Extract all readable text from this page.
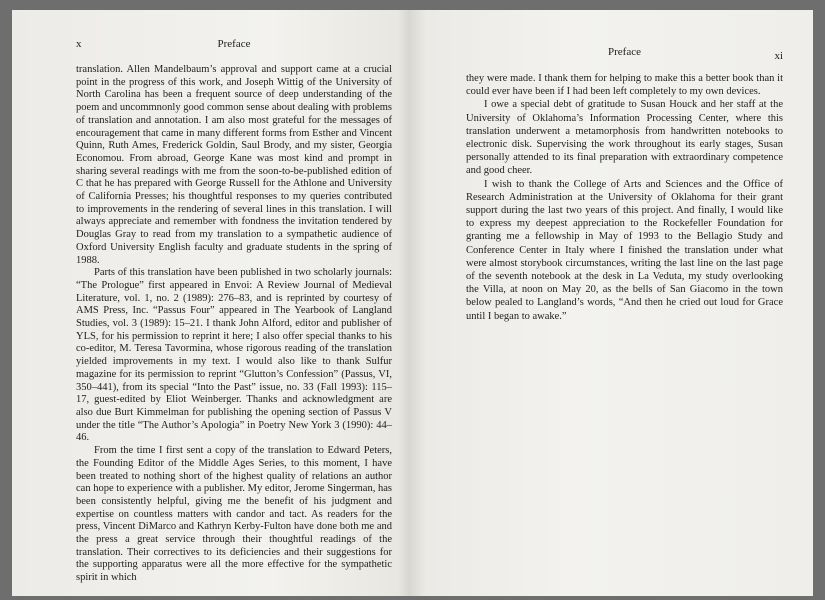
x	Preface

translation. Allen Mandelbaum’s approval and support came at a crucial point in the progress of this work, and Joseph Wittig of the University of North Carolina has been a frequent source of deep understanding of the poem and uncommnonly good common sense about dealing with problems of translation and annotation. I am also most grateful for the messages of encouragement that came in many different forms from Esther and Vincent Quinn, Ruth Ames, Frederick Goldin, Saul Brody, and my sister, Georgia Economou. From abroad, George Kane was most kind and prompt in sharing several readings with me from the soon-to-be-published edition of C that he has prepared with George Russell for the Athlone and University of California Presses; his thoughtful responses to my queries contributed to improvements in the rendering of several lines in this translation. I will always appreciate and remember with fondness the invitation tendered by Douglas Gray to read from my translation to a sympathetic audience of Oxford University English faculty and graduate students in the spring of 1988.

Parts of this translation have been published in two scholarly journals: “The Prologue” first appeared in Envoi: A Review Journal of Medieval Literature, vol. 1, no. 2 (1989): 276–83, and is reprinted by courtesy of AMS Press, Inc. “Passus Four” appeared in The Yearbook of Langland Studies, vol. 3 (1989): 15–21. I thank John Alford, editor and publisher of YLS, for his permission to reprint it here; I also offer special thanks to his co-editor, M. Teresa Tavormina, whose rigorous reading of the translation yielded improvements in my text. I would also like to thank Sulfur magazine for its permission to reprint “Glutton’s Confession” (Passus, VI, 350–441), from its special “Into the Past” issue, no. 33 (Fall 1993): 115–17, guest-edited by Eliot Weinberger. Thanks and acknowledgment are also due Burt Kimmelman for publishing the opening section of Passus V under the title “The Author’s Apologia” in Poetry New York 3 (1990): 44–46.

From the time I first sent a copy of the translation to Edward Peters, the Founding Editor of the Middle Ages Series, to this moment, I have been treated to nothing short of the highest quality of relations an author can hope to experience with a publisher. My editor, Jerome Singerman, has been consistently helpful, giving me the benefit of his judgment and expertise on countless matters with candor and tact. As readers for the press, Vincent DiMarco and Kathryn Kerby-Fulton have done both me and the press a great service through their thoughtful readings of the translation. Their correctives to its deficiencies and their suggestions for the supporting apparatus were all the more effective for the sympathetic spirit in which

Preface	xi

they were made. I thank them for helping to make this a better book than it could ever have been if I had been left completely to my own devices.

I owe a special debt of gratitude to Susan Houck and her staff at the University of Oklahoma’s Information Processing Center, where this translation underwent a metamorphosis from handwritten notebooks to electronic disk. Supervising the work throughout its early stages, Susan personally attended to its final preparation with extraordinary competence and good cheer.

I wish to thank the College of Arts and Sciences and the Office of Research Administration at the University of Oklahoma for their grant support during the last two years of this project. And finally, I would like to express my deepest appreciation to the Rockefeller Foundation for granting me a fellowship in May of 1993 to the Bellagio Study and Conference Center in Italy where I finished the translation under what were almost storybook circumstances, writing the last line on the last page of the seventh notebook at the desk in La Veduta, my study overlooking the Villa, at noon on May 20, as the bells of San Giacomo in the town below pealed to Langland’s words, “And then he cried out loud for Grace until I began to awake.”
